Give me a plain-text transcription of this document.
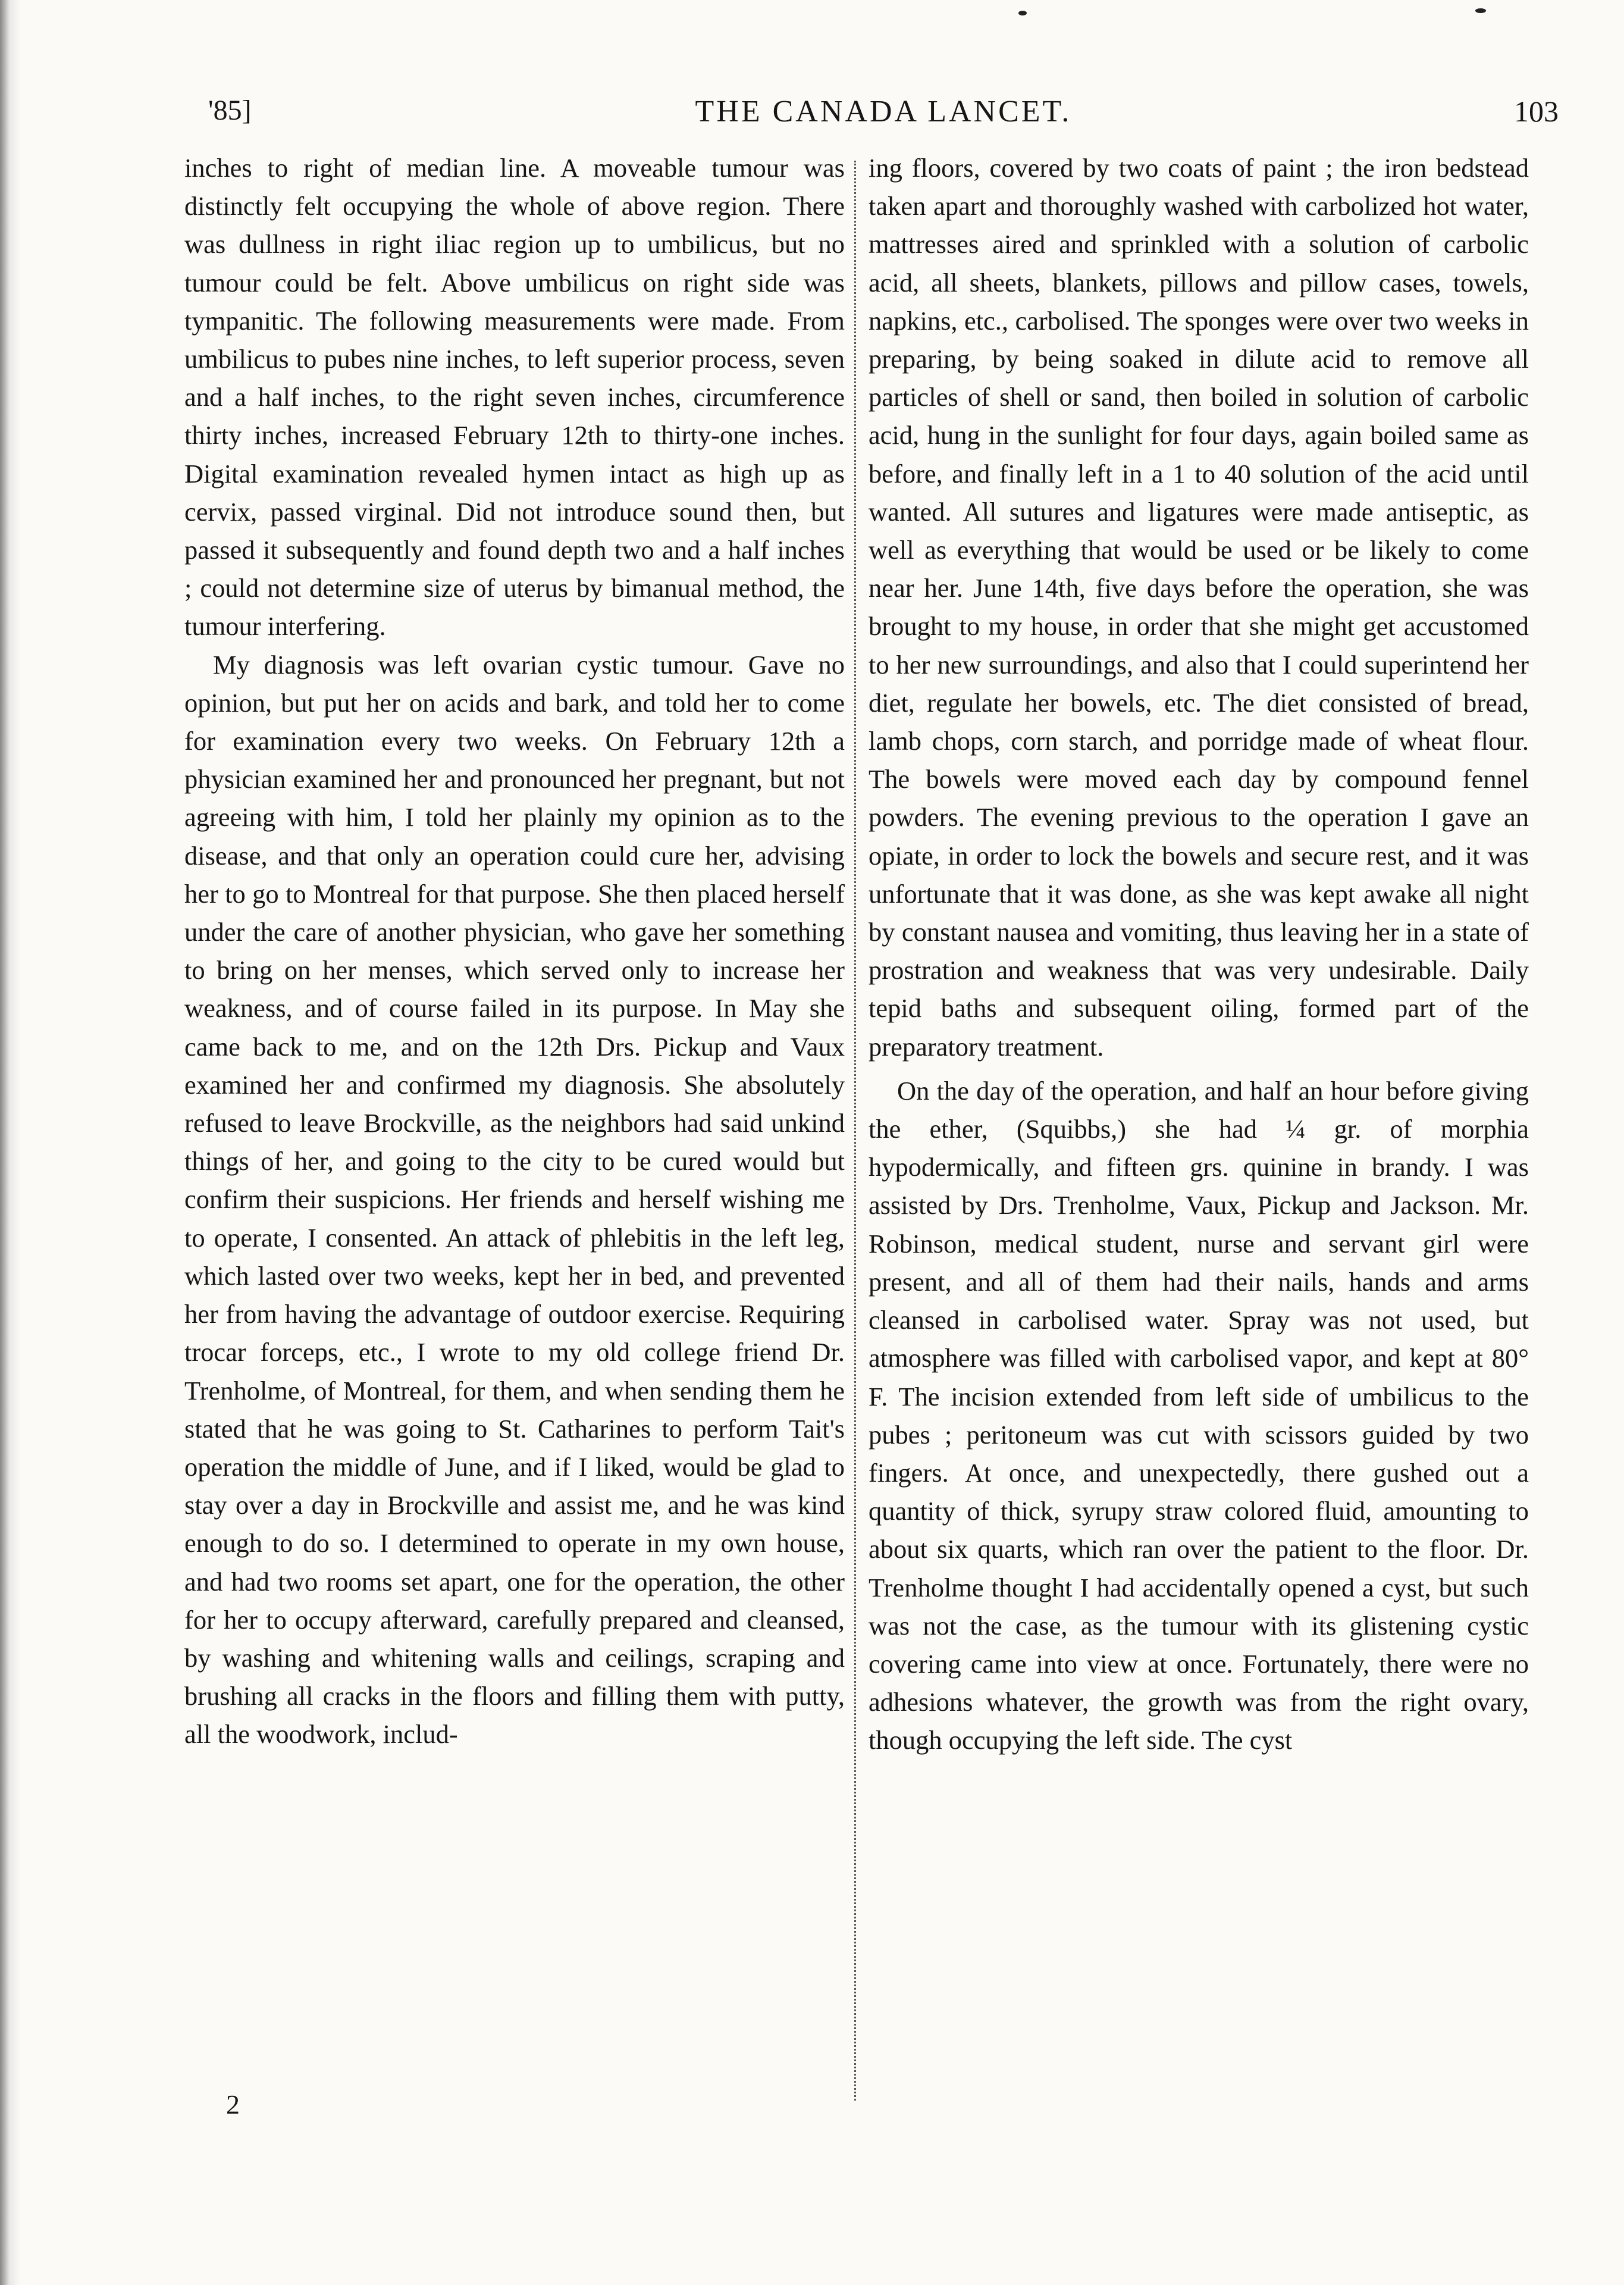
'85]	THE CANADA LANCET.	103

inches to right of median line. A moveable tumour was distinctly felt occupying the whole of above region. There was dullness in right iliac region up to umbilicus, but no tumour could be felt. Above umbilicus on right side was tympanitic. The following measurements were made. From umbilicus to pubes nine inches, to left superior process, seven and a half inches, to the right seven inches, circumference thirty inches, increased February 12th to thirty-one inches. Digital examination revealed hymen intact as high up as cervix, passed virginal. Did not introduce sound then, but passed it subsequently and found depth two and a half inches ; could not determine size of uterus by bimanual method, the tumour interfering.

My diagnosis was left ovarian cystic tumour. Gave no opinion, but put her on acids and bark, and told her to come for examination every two weeks. On February 12th a physician examined her and pronounced her pregnant, but not agreeing with him, I told her plainly my opinion as to the disease, and that only an operation could cure her, advising her to go to Montreal for that purpose. She then placed herself under the care of another physician, who gave her something to bring on her menses, which served only to increase her weakness, and of course failed in its purpose. In May she came back to me, and on the 12th Drs. Pickup and Vaux examined her and confirmed my diagnosis. She absolutely refused to leave Brockville, as the neighbors had said unkind things of her, and going to the city to be cured would but confirm their suspicions. Her friends and herself wishing me to operate, I consented. An attack of phlebitis in the left leg, which lasted over two weeks, kept her in bed, and prevented her from having the advantage of outdoor exercise. Requiring trocar forceps, etc., I wrote to my old college friend Dr. Trenholme, of Montreal, for them, and when sending them he stated that he was going to St. Catharines to perform Tait's operation the middle of June, and if I liked, would be glad to stay over a day in Brockville and assist me, and he was kind enough to do so. I determined to operate in my own house, and had two rooms set apart, one for the operation, the other for her to occupy afterward, carefully prepared and cleansed, by washing and whitening walls and ceilings, scraping and brushing all cracks in the floors and filling them with putty, all the woodwork, includ-

ing floors, covered by two coats of paint ; the iron bedstead taken apart and thoroughly washed with carbolized hot water, mattresses aired and sprinkled with a solution of carbolic acid, all sheets, blankets, pillows and pillow cases, towels, napkins, etc., carbolised. The sponges were over two weeks in preparing, by being soaked in dilute acid to remove all particles of shell or sand, then boiled in solution of carbolic acid, hung in the sunlight for four days, again boiled same as before, and finally left in a 1 to 40 solution of the acid until wanted. All sutures and ligatures were made antiseptic, as well as everything that would be used or be likely to come near her. June 14th, five days before the operation, she was brought to my house, in order that she might get accustomed to her new surroundings, and also that I could superintend her diet, regulate her bowels, etc. The diet consisted of bread, lamb chops, corn starch, and porridge made of wheat flour. The bowels were moved each day by compound fennel powders. The evening previous to the operation I gave an opiate, in order to lock the bowels and secure rest, and it was unfortunate that it was done, as she was kept awake all night by constant nausea and vomiting, thus leaving her in a state of prostration and weakness that was very undesirable. Daily tepid baths and subsequent oiling, formed part of the preparatory treatment.

On the day of the operation, and half an hour before giving the ether, (Squibbs,) she had ¼ gr. of morphia hypodermically, and fifteen grs. quinine in brandy. I was assisted by Drs. Trenholme, Vaux, Pickup and Jackson. Mr. Robinson, medical student, nurse and servant girl were present, and all of them had their nails, hands and arms cleansed in carbolised water. Spray was not used, but atmosphere was filled with carbolised vapor, and kept at 80° F. The incision extended from left side of umbilicus to the pubes ; peritoneum was cut with scissors guided by two fingers. At once, and unexpectedly, there gushed out a quantity of thick, syrupy straw colored fluid, amounting to about six quarts, which ran over the patient to the floor. Dr. Trenholme thought I had accidentally opened a cyst, but such was not the case, as the tumour with its glistening cystic covering came into view at once. Fortunately, there were no adhesions whatever, the growth was from the right ovary, though occupying the left side. The cyst

2
